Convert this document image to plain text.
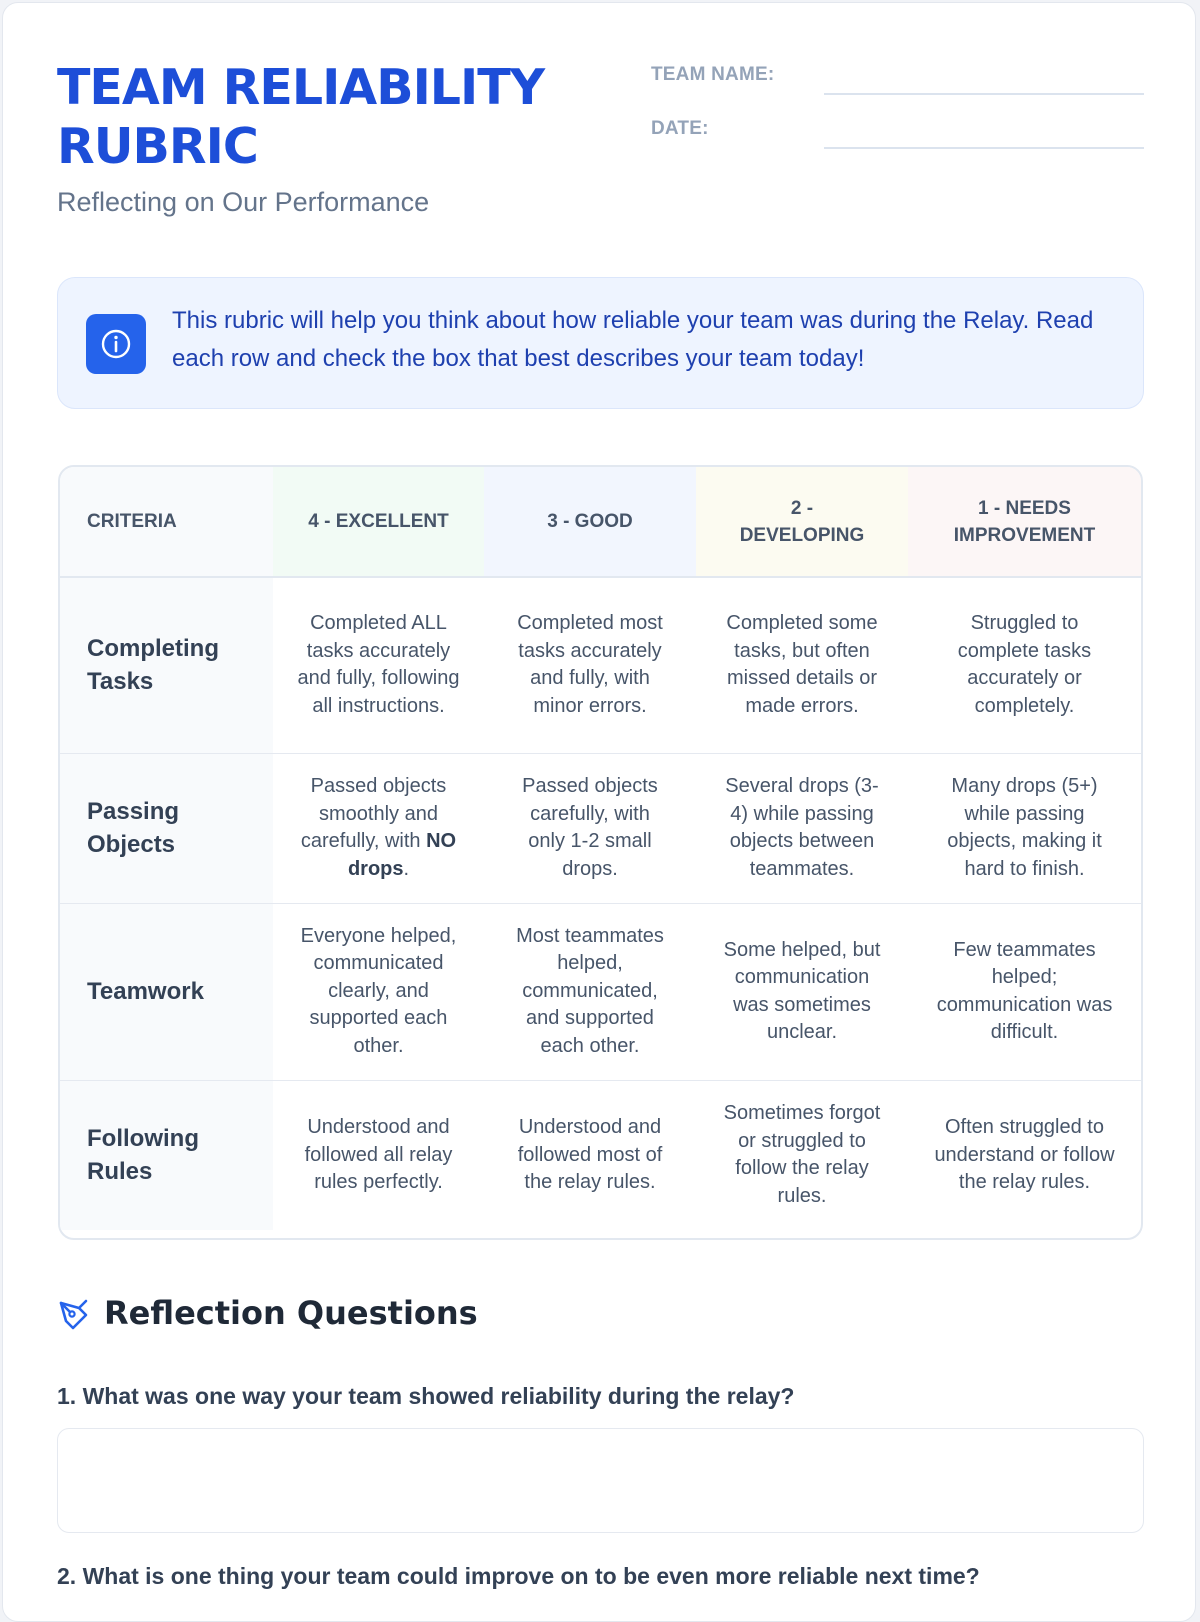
TEAM RELIABILITY RUBRIC
Reflecting on Our Performance
TEAM NAME:
DATE:
This rubric will help you think about how reliable your team was during the Relay. Read each row and check the box that best describes your team today!
CRITERIA	4 - EXCELLENT	3 - GOOD	2 - DEVELOPING	1 - NEEDS IMPROVEMENT
Completing Tasks	Completed ALL tasks accurately and fully, following all instructions.	Completed most tasks accurately and fully, with minor errors.	Completed some tasks, but often missed details or made errors.	Struggled to complete tasks accurately or completely.
Passing Objects	Passed objects smoothly and carefully, with NO drops.	Passed objects carefully, with only 1-2 small drops.	Several drops (3-4) while passing objects between teammates.	Many drops (5+) while passing objects, making it hard to finish.
Teamwork	Everyone helped, communicated clearly, and supported each other.	Most teammates helped, communicated, and supported each other.	Some helped, but communication was sometimes unclear.	Few teammates helped; communication was difficult.
Following Rules	Understood and followed all relay rules perfectly.	Understood and followed most of the relay rules.	Sometimes forgot or struggled to follow the relay rules.	Often struggled to understand or follow the relay rules.
Reflection Questions
1. What was one way your team showed reliability during the relay?
2. What is one thing your team could improve on to be even more reliable next time?
